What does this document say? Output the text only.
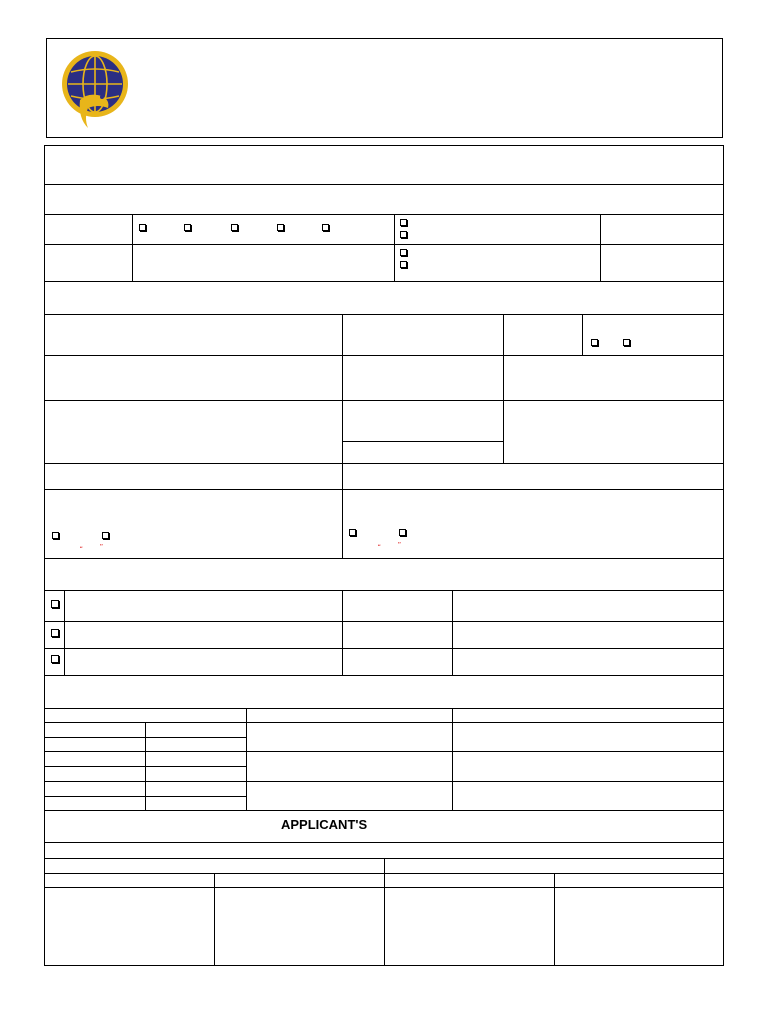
“ ”	“ ”
APPLICANT'S
